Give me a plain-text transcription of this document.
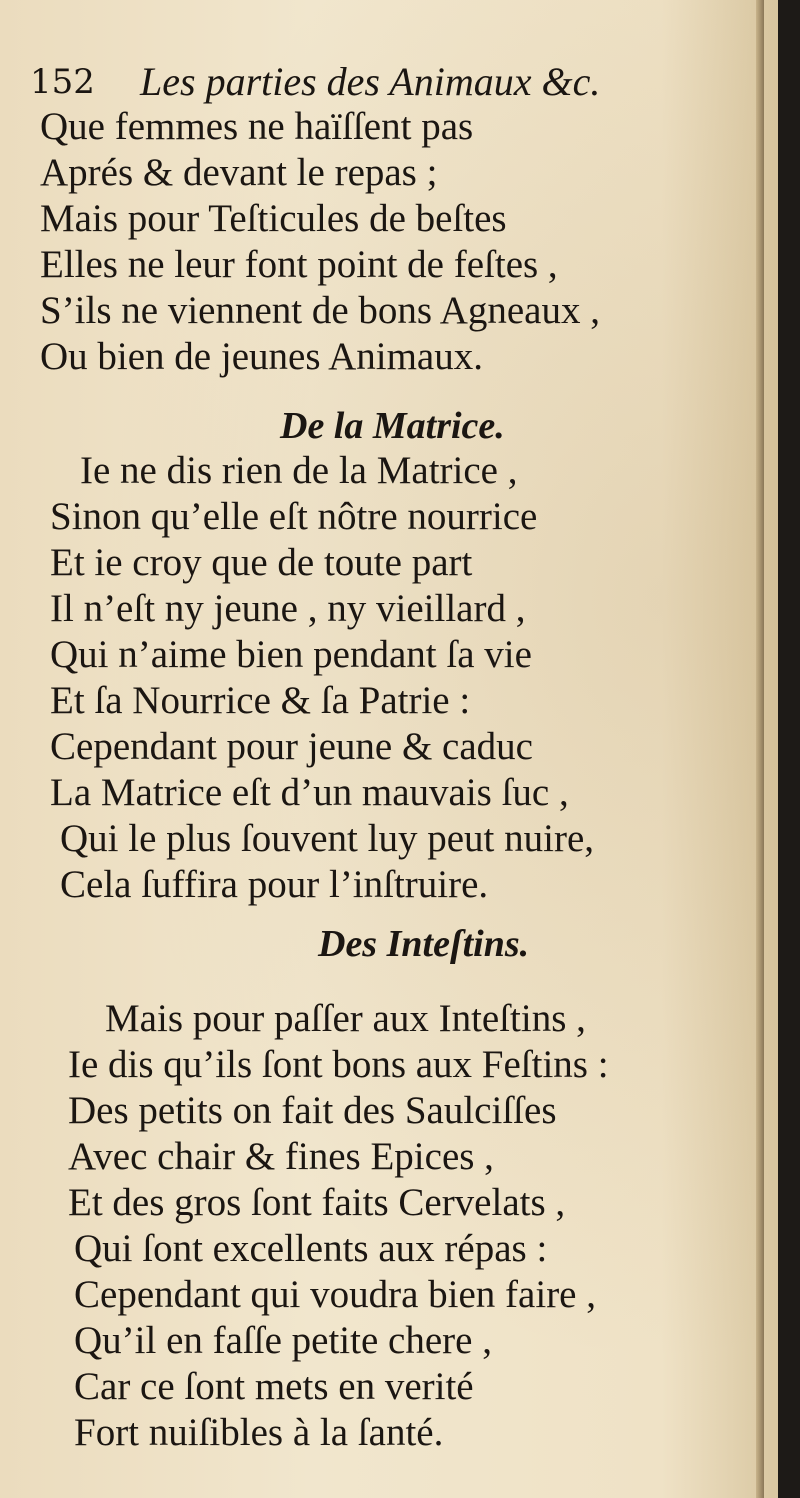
152 Les parties des Animaux &c.
Que femmes ne haïſſent pas
Aprés & devant le repas ;
Mais pour Teſticules de beſtes
Elles ne leur font point de feſtes ,
S’ils ne viennent de bons Agneaux ,
Ou bien de jeunes Animaux.
De la Matrice.
Ie ne dis rien de la Matrice ,
Sinon qu’elle eſt nôtre nourrice
Et ie croy que de toute part
Il n’eſt ny jeune , ny vieillard ,
Qui n’aime bien pendant ſa vie
Et ſa Nourrice & ſa Patrie :
Cependant pour jeune & caduc
La Matrice eſt d’un mauvais ſuc ,
Qui le plus ſouvent luy peut nuire,
Cela ſuffira pour l’inſtruire.
Des Inteſtins.
Mais pour paſſer aux Inteſtins ,
Ie dis qu’ils ſont bons aux Feſtins :
Des petits on fait des Saulciſſes
Avec chair & fines Epices ,
Et des gros ſont faits Cervelats ,
Qui ſont excellents aux répas :
Cependant qui voudra bien faire ,
Qu’il en faſſe petite chere ,
Car ce ſont mets en verité
Fort nuiſibles à la ſanté.
